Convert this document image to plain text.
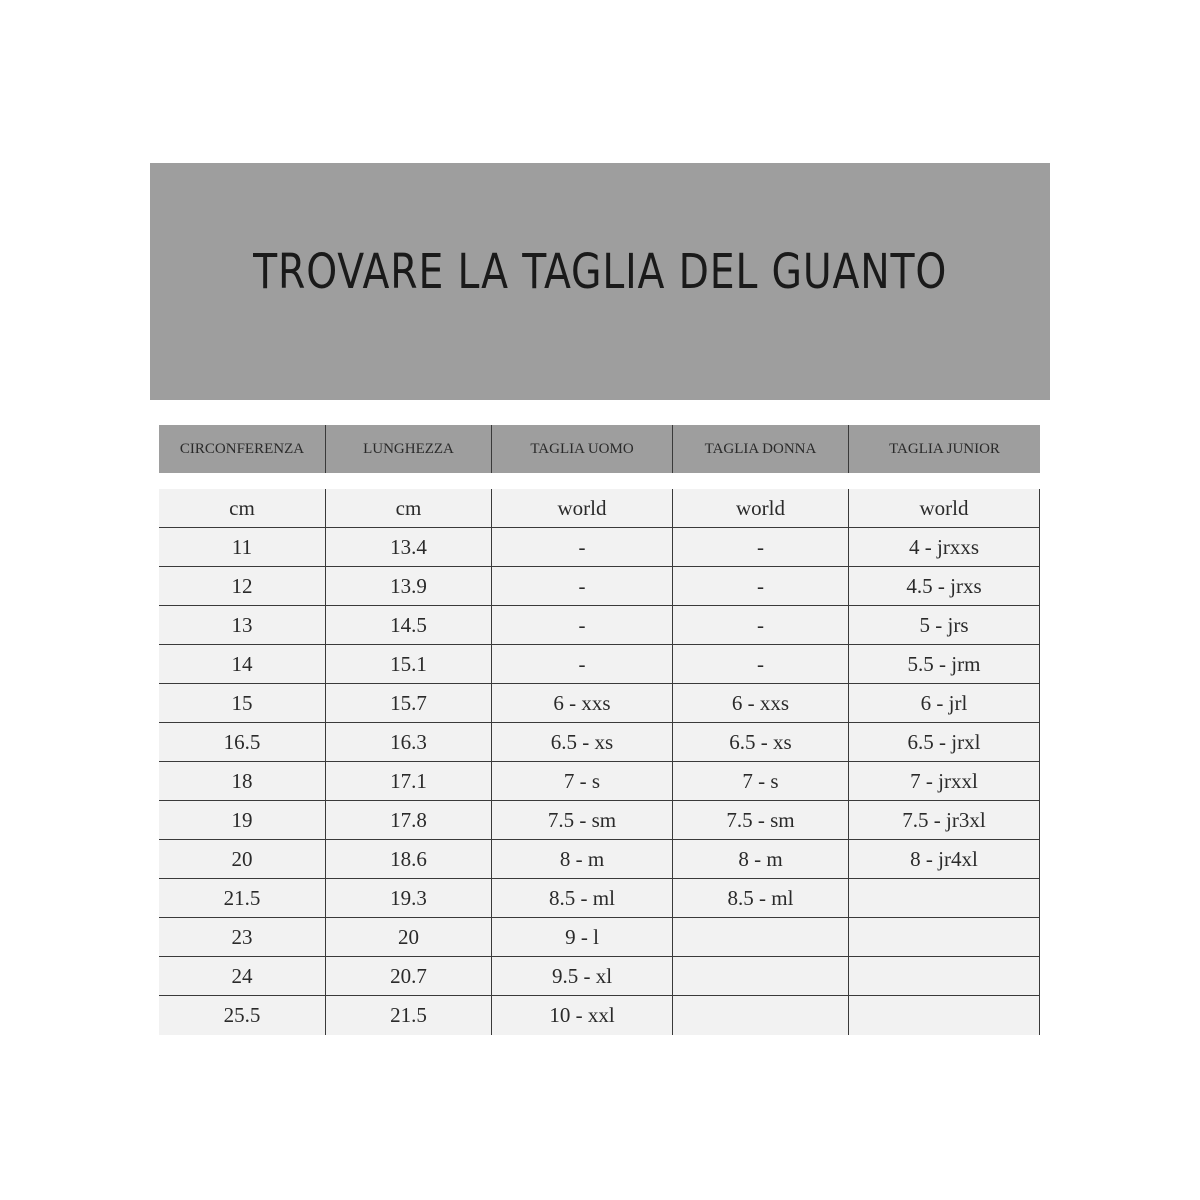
TROVARE LA TAGLIA DEL GUANTO
CIRCONFERENZA	LUNGHEZZA	TAGLIA UOMO	TAGLIA DONNA	TAGLIA JUNIOR
cm	cm	world	world	world
11	13.4	-	-	4 - jrxxs
12	13.9	-	-	4.5 - jrxs
13	14.5	-	-	5 - jrs
14	15.1	-	-	5.5 - jrm
15	15.7	6 - xxs	6 - xxs	6 - jrl
16.5	16.3	6.5 - xs	6.5 - xs	6.5 - jrxl
18	17.1	7 - s	7 - s	7 - jrxxl
19	17.8	7.5 - sm	7.5 - sm	7.5 - jr3xl
20	18.6	8 - m	8 - m	8 - jr4xl
21.5	19.3	8.5 - ml	8.5 - ml
23	20	9 - l
24	20.7	9.5 - xl
25.5	21.5	10 - xxl
